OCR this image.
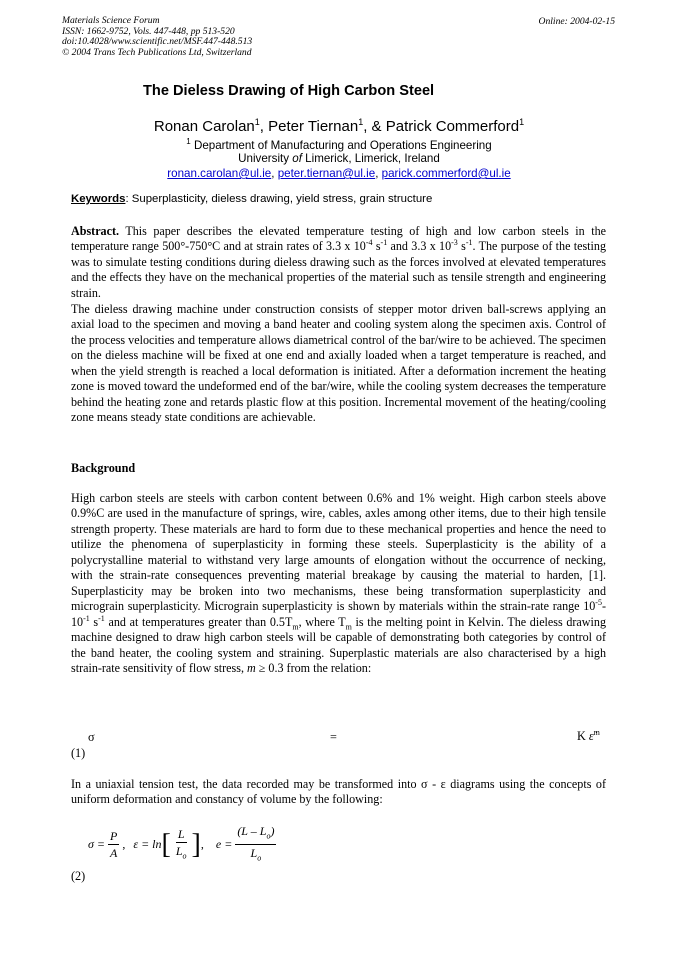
Materials Science Forum
ISSN: 1662-9752, Vols. 447-448, pp 513-520
doi:10.4028/www.scientific.net/MSF.447-448.513
© 2004 Trans Tech Publications Ltd, Switzerland
Online: 2004-02-15
The Dieless Drawing of High Carbon Steel
Ronan Carolan$^1$, Peter Tiernan$^1$, & Patrick Commerford$^1$
$^1$ Department of Manufacturing and Operations Engineering
University of Limerick, Limerick, Ireland
ronan.carolan@ul.ie, peter.tiernan@ul.ie, parick.commerford@ul.ie
Keywords: Superplasticity, dieless drawing, yield stress, grain structure
Abstract. This paper describes the elevated temperature testing of high and low carbon steels in the temperature range 500°-750°C and at strain rates of 3.3 x $10^{-4}$ $s^{-1}$ and 3.3 x $10^{-3}$ $s^{-1}$. The purpose of the testing was to simulate testing conditions during dieless drawing such as the forces involved at elevated temperatures and the effects they have on the mechanical properties of the material such as tensile strength and engineering strain.
The dieless drawing machine under construction consists of stepper motor driven ball-screws applying an axial load to the specimen and moving a band heater and cooling system along the specimen axis. Control of the process velocities and temperature allows diametrical control of the bar/wire to be achieved. The specimen on the dieless machine will be fixed at one end and axially loaded when a target temperature is reached, and when the yield strength is reached a local deformation is initiated. After a deformation increment the heating zone is moved toward the undeformed end of the bar/wire, while the cooling system decreases the temperature behind the heating zone and retards plastic flow at this position. Incremental movement of the heating/cooling zone means steady state conditions are achievable.
Background
High carbon steels are steels with carbon content between 0.6% and 1% weight. High carbon steels above 0.9%C are used in the manufacture of springs, wire, cables, axles among other items, due to their high tensile strength property. These materials are hard to form due to these mechanical properties and hence the need to utilize the phenomena of superplasticity in forming these steels. Superplasticity is the ability of a polycrystalline material to withstand very large amounts of elongation without the occurrence of necking, with the strain-rate consequences preventing material breakage by causing the material to harden, [1]. Superplasticity may be broken into two mechanisms, these being transformation superplasticity and micrograin superplasticity. Micrograin superplasticity is shown by materials within the strain-rate range $10^{-5}-10^{-1}$ $s^{-1}$ and at temperatures greater than $0.5T_m$, where $T_m$ is the melting point in Kelvin. The dieless drawing machine designed to draw high carbon steels will be capable of demonstrating both categories by control of the band heater, the cooling system and straining. Superplastic materials are also characterised by a high strain-rate sensitivity of flow stress, m ≥ 0.3 from the relation:
σ	=	K ε̇$^m$
(1)
In a uniaxial tension test, the data recorded may be transformed into σ - ε diagrams using the concepts of uniform deformation and constancy of volume by the following:
$\sigma = \frac{P}{A}$ , ε = ln [ $\frac{L}{L_o}$ ] , $e = \frac{(L - L_o)}{L_o}$
(2)
